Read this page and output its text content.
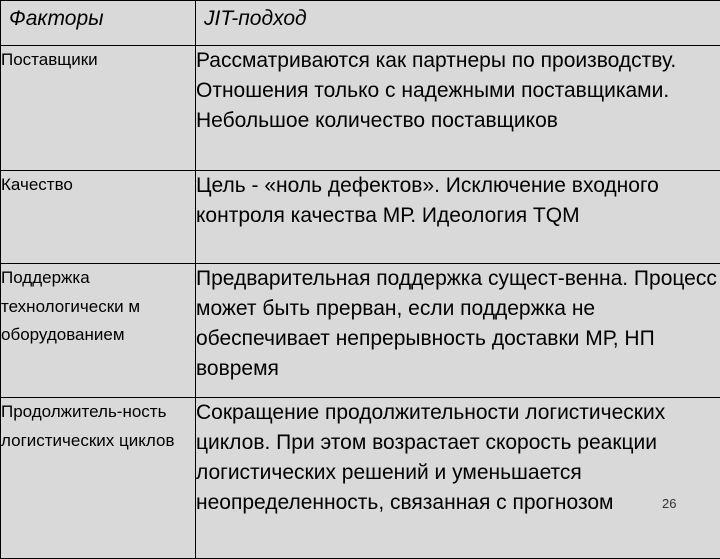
Факторы	JIT-подход
Поставщики	Рассматриваются как партнеры по производству. Отношения только с надежными поставщиками. Небольшое количество поставщиков
Качество	Цель - «ноль дефектов». Исключение входного контроля качества МР. Идеология TQM
Поддержка технологически м оборудованием	Предварительная поддержка сущест-венна. Процесс может быть прерван, если поддержка не обеспечивает непрерывность доставки МР, НП вовремя
Продолжитель-ность логистических циклов	Сокращение продолжительности логистических циклов. При этом возрастает скорость реакции логистических решений и уменьшается неопределенность, связанная с прогнозом	26
